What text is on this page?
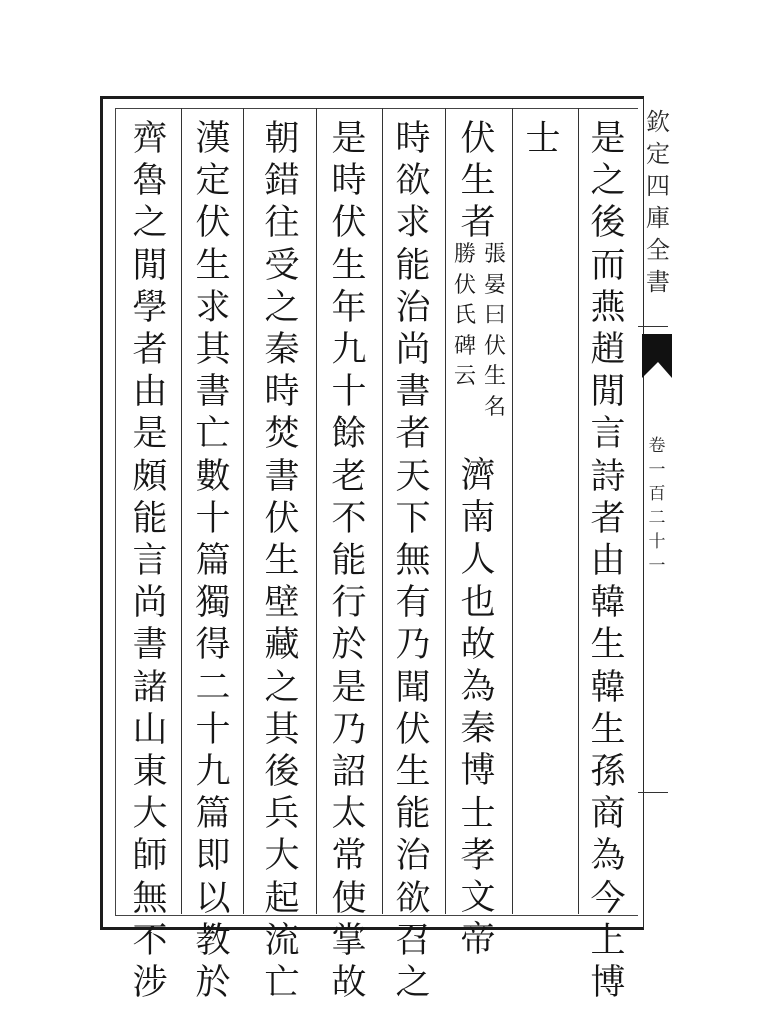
欽
定
四
庫
全
書
卷
一
百
二
十
一
是
之
後
而
燕
趙
閒
言
詩
者
由
韓
生
韓
生
孫
商
為
今
上
博
士
伏
生
者
張
晏
曰
伏
生
名
勝
伏
氏
碑
云
濟
南
人
也
故
為
秦
博
士
孝
文
帝
時
欲
求
能
治
尚
書
者
天
下
無
有
乃
聞
伏
生
能
治
欲
召
之
是
時
伏
生
年
九
十
餘
老
不
能
行
於
是
乃
詔
太
常
使
掌
故
朝
錯
往
受
之
秦
時
焚
書
伏
生
壁
藏
之
其
後
兵
大
起
流
亡
漢
定
伏
生
求
其
書
亡
數
十
篇
獨
得
二
十
九
篇
即
以
教
於
齊
魯
之
閒
學
者
由
是
頗
能
言
尚
書
諸
山
東
大
師
無
不
涉
